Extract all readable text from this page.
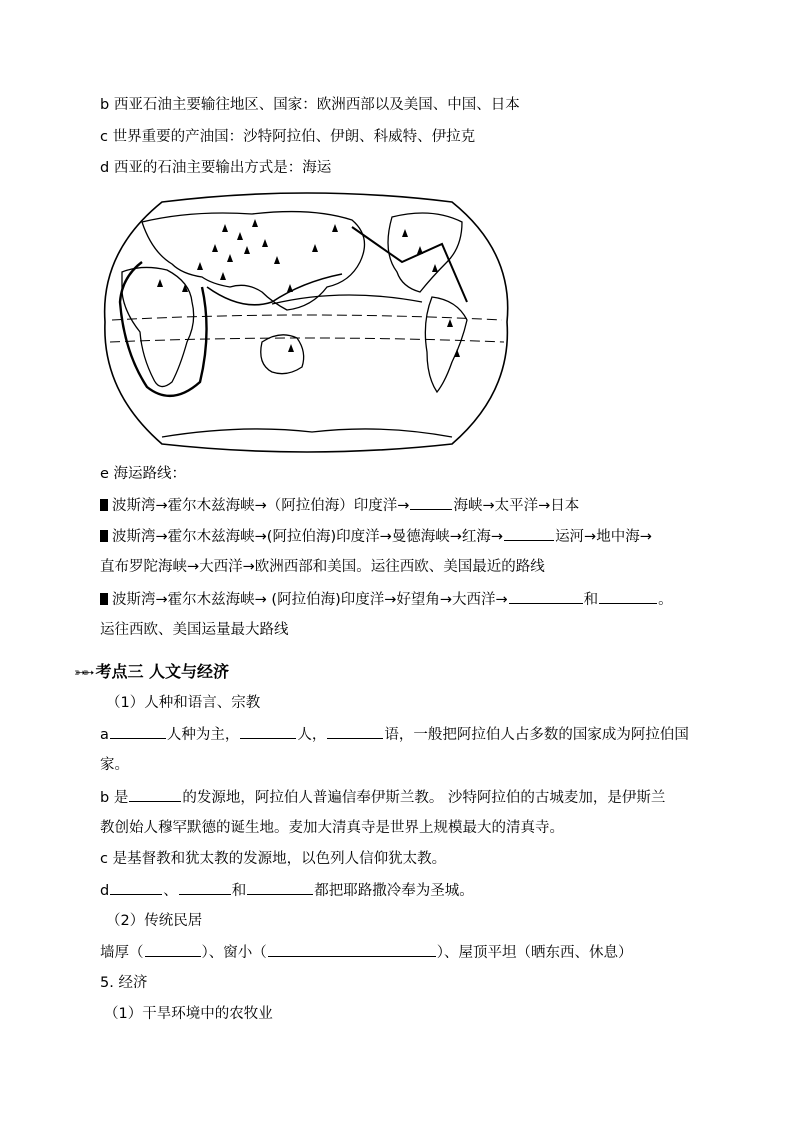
b 西亚石油主要输往地区、国家：欧洲西部以及美国、中国、日本
c 世界重要的产油国：沙特阿拉伯、伊朗、科威特、伊拉克
d 西亚的石油主要输出方式是：海运
e 海运路线：
波斯湾→霍尔木兹海峡→（阿拉伯海）印度洋→	海峡→太平洋→日本
波斯湾→霍尔木兹海峡→(阿拉伯海)印度洋→曼德海峡→红海→	运河→地中海→
直布罗陀海峡→大西洋→欧洲西部和美国。运往西欧、美国最近的路线
波斯湾→霍尔木兹海峡→ (阿拉伯海)印度洋→好望角→大西洋→	和	。
运往西欧、美国运量最大路线
➳➳ 考点三 人文与经济
（1）人种和语言、宗教
a	人种为主，	人，	语，一般把阿拉伯人占多数的国家成为阿拉伯国
家。
b 是	的发源地，阿拉伯人普遍信奉伊斯兰教。 沙特阿拉伯的古城麦加，是伊斯兰
教创始人穆罕默德的诞生地。麦加大清真寺是世界上规模最大的清真寺。
c 是基督教和犹太教的发源地，以色列人信仰犹太教。
d	、	和	都把耶路撒冷奉为圣城。
（2）传统民居
墙厚（	）、窗小（	）、屋顶平坦（晒东西、休息）
5. 经济
（1）干旱环境中的农牧业
